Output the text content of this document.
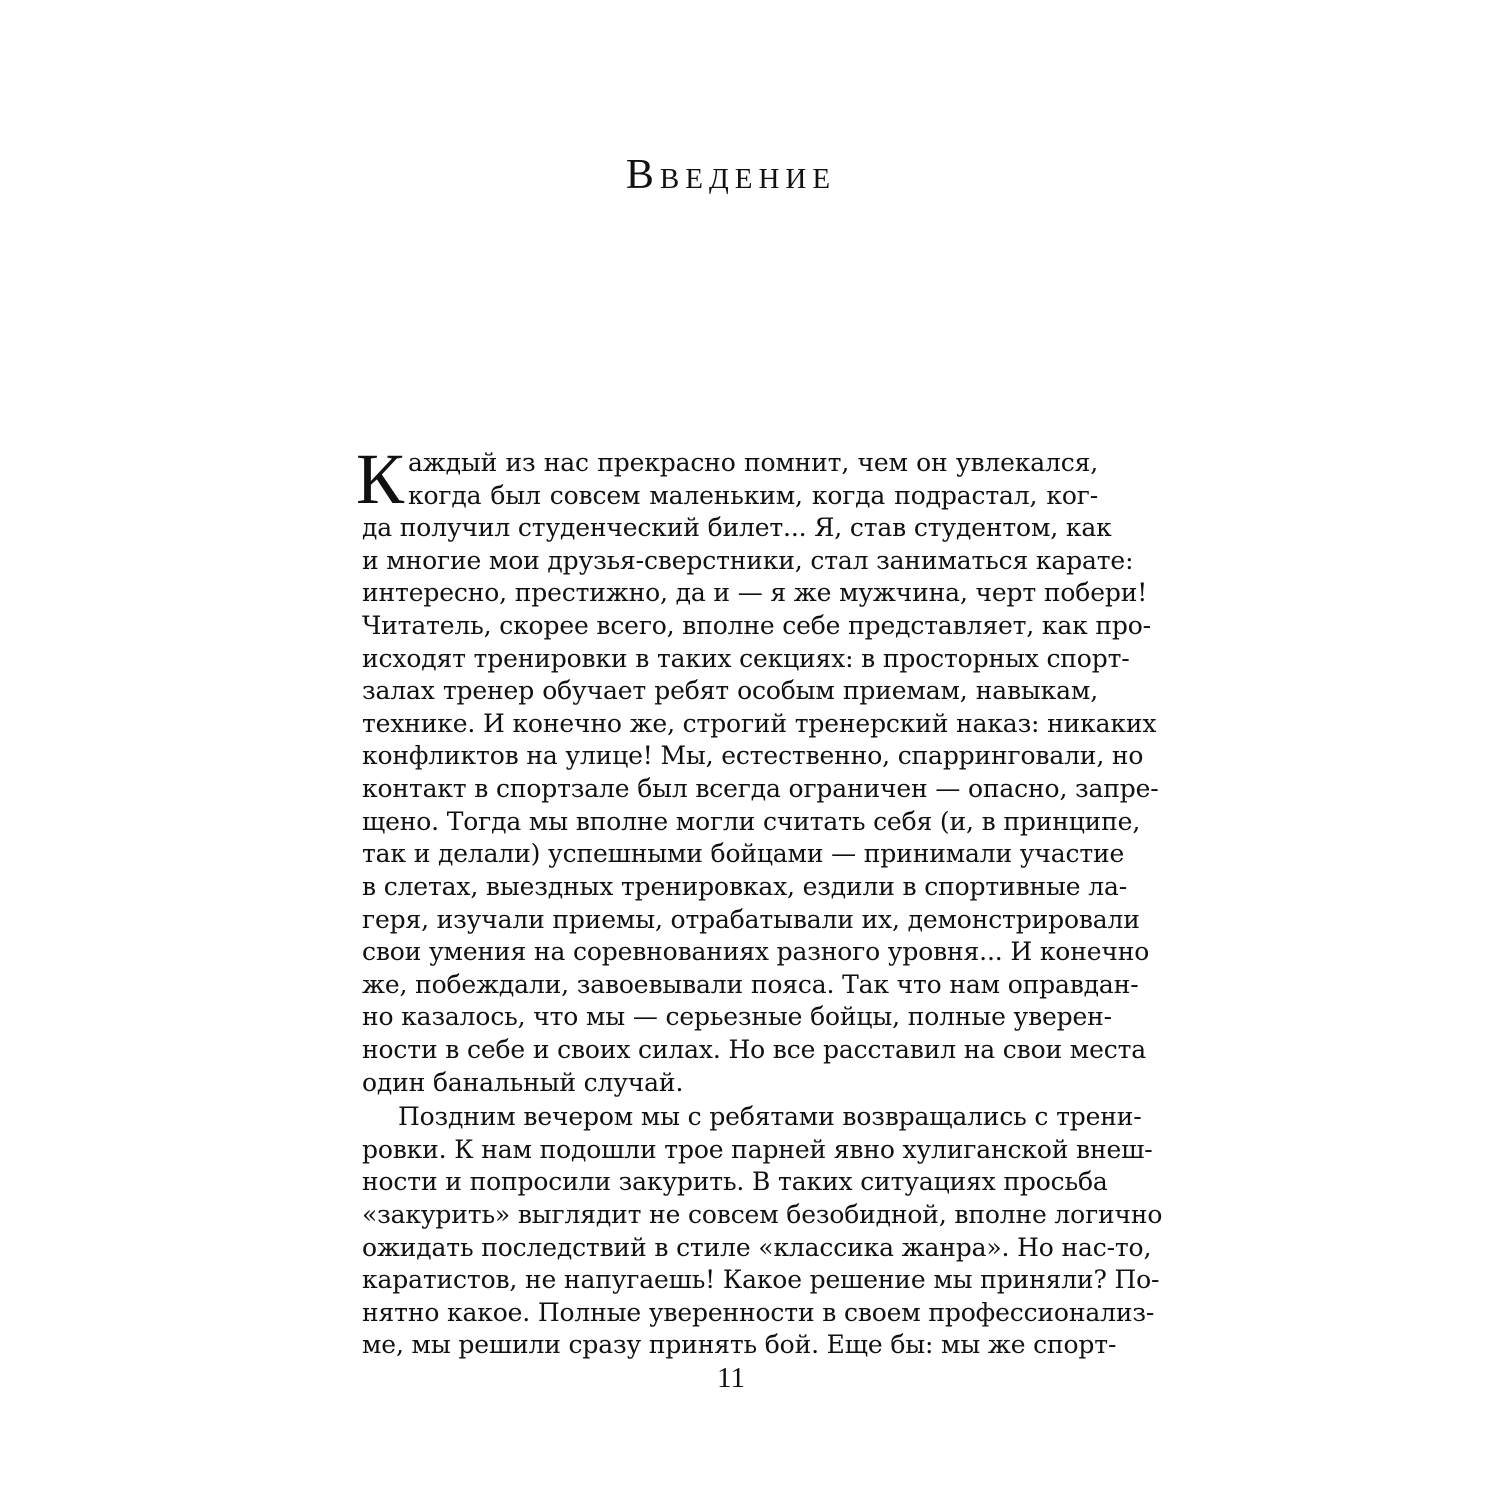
Введение
К аждый из нас прекрасно помнит, чем он увлекался,
когда был совсем маленьким, когда подрастал, ког-
да получил студенческий билет... Я, став студентом, как
и многие мои друзья-сверстники, стал заниматься карате:
интересно, престижно, да и — я же мужчина, черт побери!
Читатель, скорее всего, вполне себе представляет, как про-
исходят тренировки в таких секциях: в просторных спорт-
залах тренер обучает ребят особым приемам, навыкам,
технике. И конечно же, строгий тренерский наказ: никаких
конфликтов на улице! Мы, естественно, спарринговали, но
контакт в спортзале был всегда ограничен — опасно, запре-
щено. Тогда мы вполне могли считать себя (и, в принципе,
так и делали) успешными бойцами — принимали участие
в слетах, выездных тренировках, ездили в спортивные ла-
геря, изучали приемы, отрабатывали их, демонстрировали
свои умения на соревнованиях разного уровня... И конечно
же, побеждали, завоевывали пояса. Так что нам оправдан-
но казалось, что мы — серьезные бойцы, полные уверен-
ности в себе и своих силах. Но все расставил на свои места
один банальный случай.
Поздним вечером мы с ребятами возвращались с трени-
ровки. К нам подошли трое парней явно хулиганской внеш-
ности и попросили закурить. В таких ситуациях просьба
«закурить» выглядит не совсем безобидной, вполне логично
ожидать последствий в стиле «классика жанра». Но нас-то,
каратистов, не напугаешь! Какое решение мы приняли? По-
нятно какое. Полные уверенности в своем профессионализ-
ме, мы решили сразу принять бой. Еще бы: мы же спорт-
11
